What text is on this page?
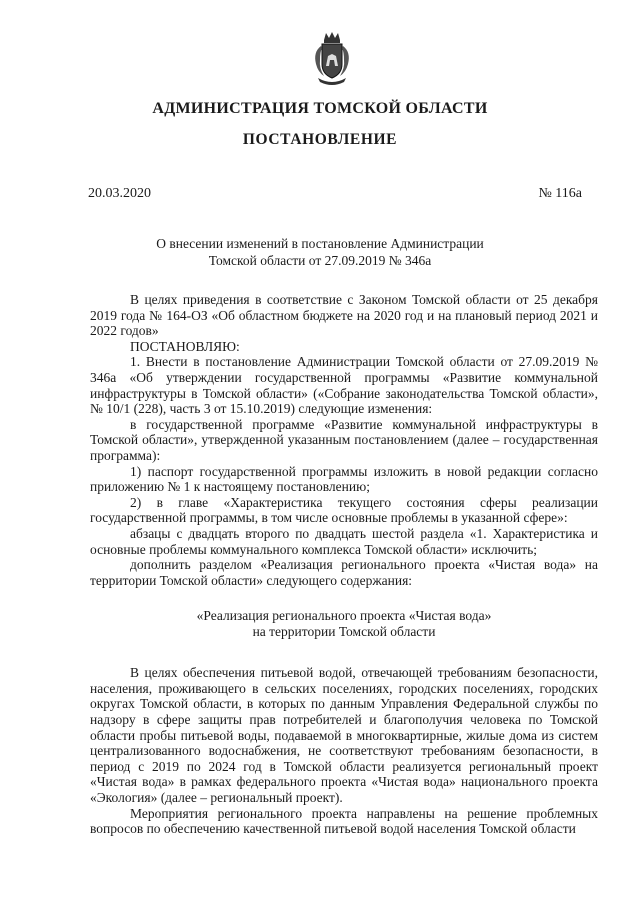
АДМИНИСТРАЦИЯ ТОМСКОЙ ОБЛАСТИ
ПОСТАНОВЛЕНИЕ
20.03.2020	№ 116а
О внесении изменений в постановление Администрации
Томской области от 27.09.2019 № 346а

В целях приведения в соответствие с Законом Томской области от 25 декабря 2019 года № 164-ОЗ «Об областном бюджете на 2020 год и на плановый период 2021 и 2022 годов»

ПОСТАНОВЛЯЮ:

1. Внести в постановление Администрации Томской области от 27.09.2019 № 346а «Об утверждении государственной программы «Развитие коммунальной инфраструктуры в Томской области» («Собрание законодательства Томской области», № 10/1 (228), часть 3 от 15.10.2019) следующие изменения:

в государственной программе «Развитие коммунальной инфраструктуры в Томской области», утвержденной указанным постановлением (далее – государственная программа):

1) паспорт государственной программы изложить в новой редакции согласно приложению № 1 к настоящему постановлению;

2) в главе «Характеристика текущего состояния сферы реализации государственной программы, в том числе основные проблемы в указанной сфере»:

абзацы с двадцать второго по двадцать шестой раздела «1. Характеристика и основные проблемы коммунального комплекса Томской области» исключить;

дополнить разделом «Реализация регионального проекта «Чистая вода» на территории Томской области» следующего содержания:

«Реализация регионального проекта «Чистая вода»
на территории Томской области

В целях обеспечения питьевой водой, отвечающей требованиям безопасности, населения, проживающего в сельских поселениях, городских поселениях, городских округах Томской области, в которых по данным Управления Федеральной службы по надзору в сфере защиты прав потребителей и благополучия человека по Томской области пробы питьевой воды, подаваемой в многоквартирные, жилые дома из систем централизованного водоснабжения, не соответствуют требованиям безопасности, в период с 2019 по 2024 год в Томской области реализуется региональный проект «Чистая вода» в рамках федерального проекта «Чистая вода» национального проекта «Экология» (далее – региональный проект).

Мероприятия регионального проекта направлены на решение проблемных вопросов по обеспечению качественной питьевой водой населения Томской области
